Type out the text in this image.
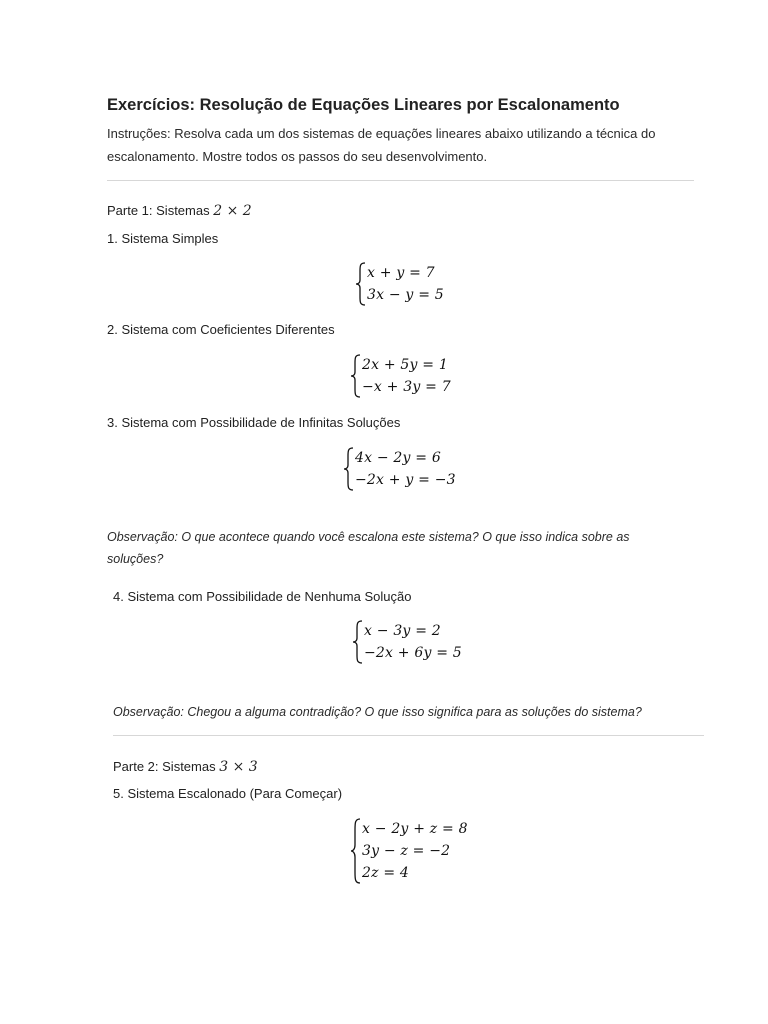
Exercícios: Resolução de Equações Lineares por Escalonamento
Instruções: Resolva cada um dos sistemas de equações lineares abaixo utilizando a técnica do escalonamento. Mostre todos os passos do seu desenvolvimento.
Parte 1: Sistemas 2 × 2
1. Sistema Simples
x + y = 7
3x − y = 5
2. Sistema com Coeficientes Diferentes
2x + 5y = 1
−x + 3y = 7
3. Sistema com Possibilidade de Infinitas Soluções
4x − 2y = 6
−2x + y = −3
Observação: O que acontece quando você escalona este sistema? O que isso indica sobre as soluções?
4. Sistema com Possibilidade de Nenhuma Solução
x − 3y = 2
−2x + 6y = 5
Observação: Chegou a alguma contradição? O que isso significa para as soluções do sistema?
Parte 2: Sistemas 3 × 3
5. Sistema Escalonado (Para Começar)
x − 2y + z = 8
3y − z = −2
2z = 4
